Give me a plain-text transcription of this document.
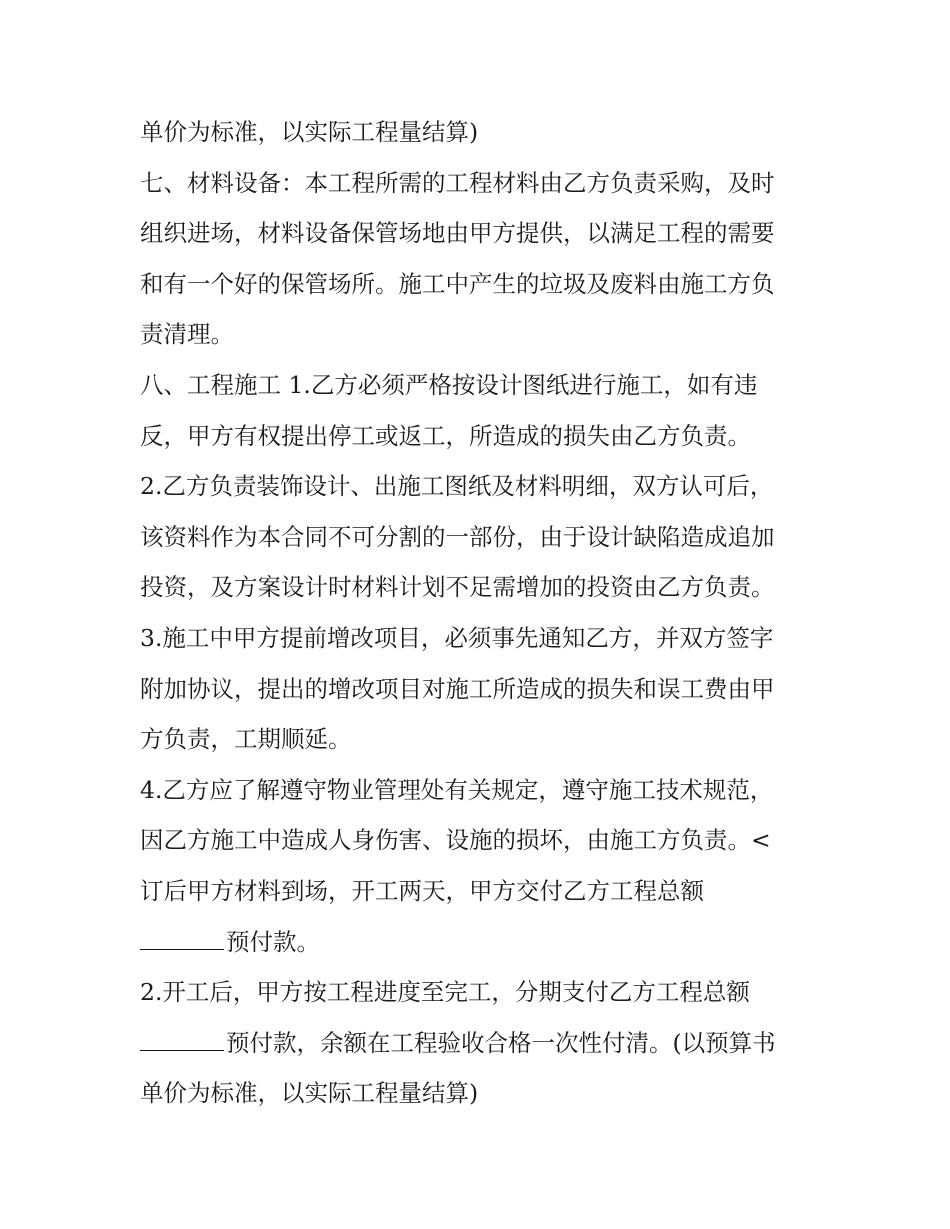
单价为标准，以实际工程量结算)
七、材料设备：本工程所需的工程材料由乙方负责采购，及时
组织进场，材料设备保管场地由甲方提供，以满足工程的需要
和有一个好的保管场所。施工中产生的垃圾及废料由施工方负
责清理。
八、工程施工 1.乙方必须严格按设计图纸进行施工，如有违
反，甲方有权提出停工或返工，所造成的损失由乙方负责。
2.乙方负责装饰设计、出施工图纸及材料明细，双方认可后，
该资料作为本合同不可分割的一部份，由于设计缺陷造成追加
投资，及方案设计时材料计划不足需增加的投资由乙方负责。
3.施工中甲方提前增改项目，必须事先通知乙方，并双方签字
附加协议，提出的增改项目对施工所造成的损失和误工费由甲
方负责，工期顺延。
4.乙方应了解遵守物业管理处有关规定，遵守施工技术规范，
因乙方施工中造成人身伤害、设施的损坏，由施工方负责。<
订后甲方材料到场，开工两天，甲方交付乙方工程总额
预付款。
2.开工后，甲方按工程进度至完工，分期支付乙方工程总额
预付款，余额在工程验收合格一次性付清。(以预算书
单价为标准，以实际工程量结算)
